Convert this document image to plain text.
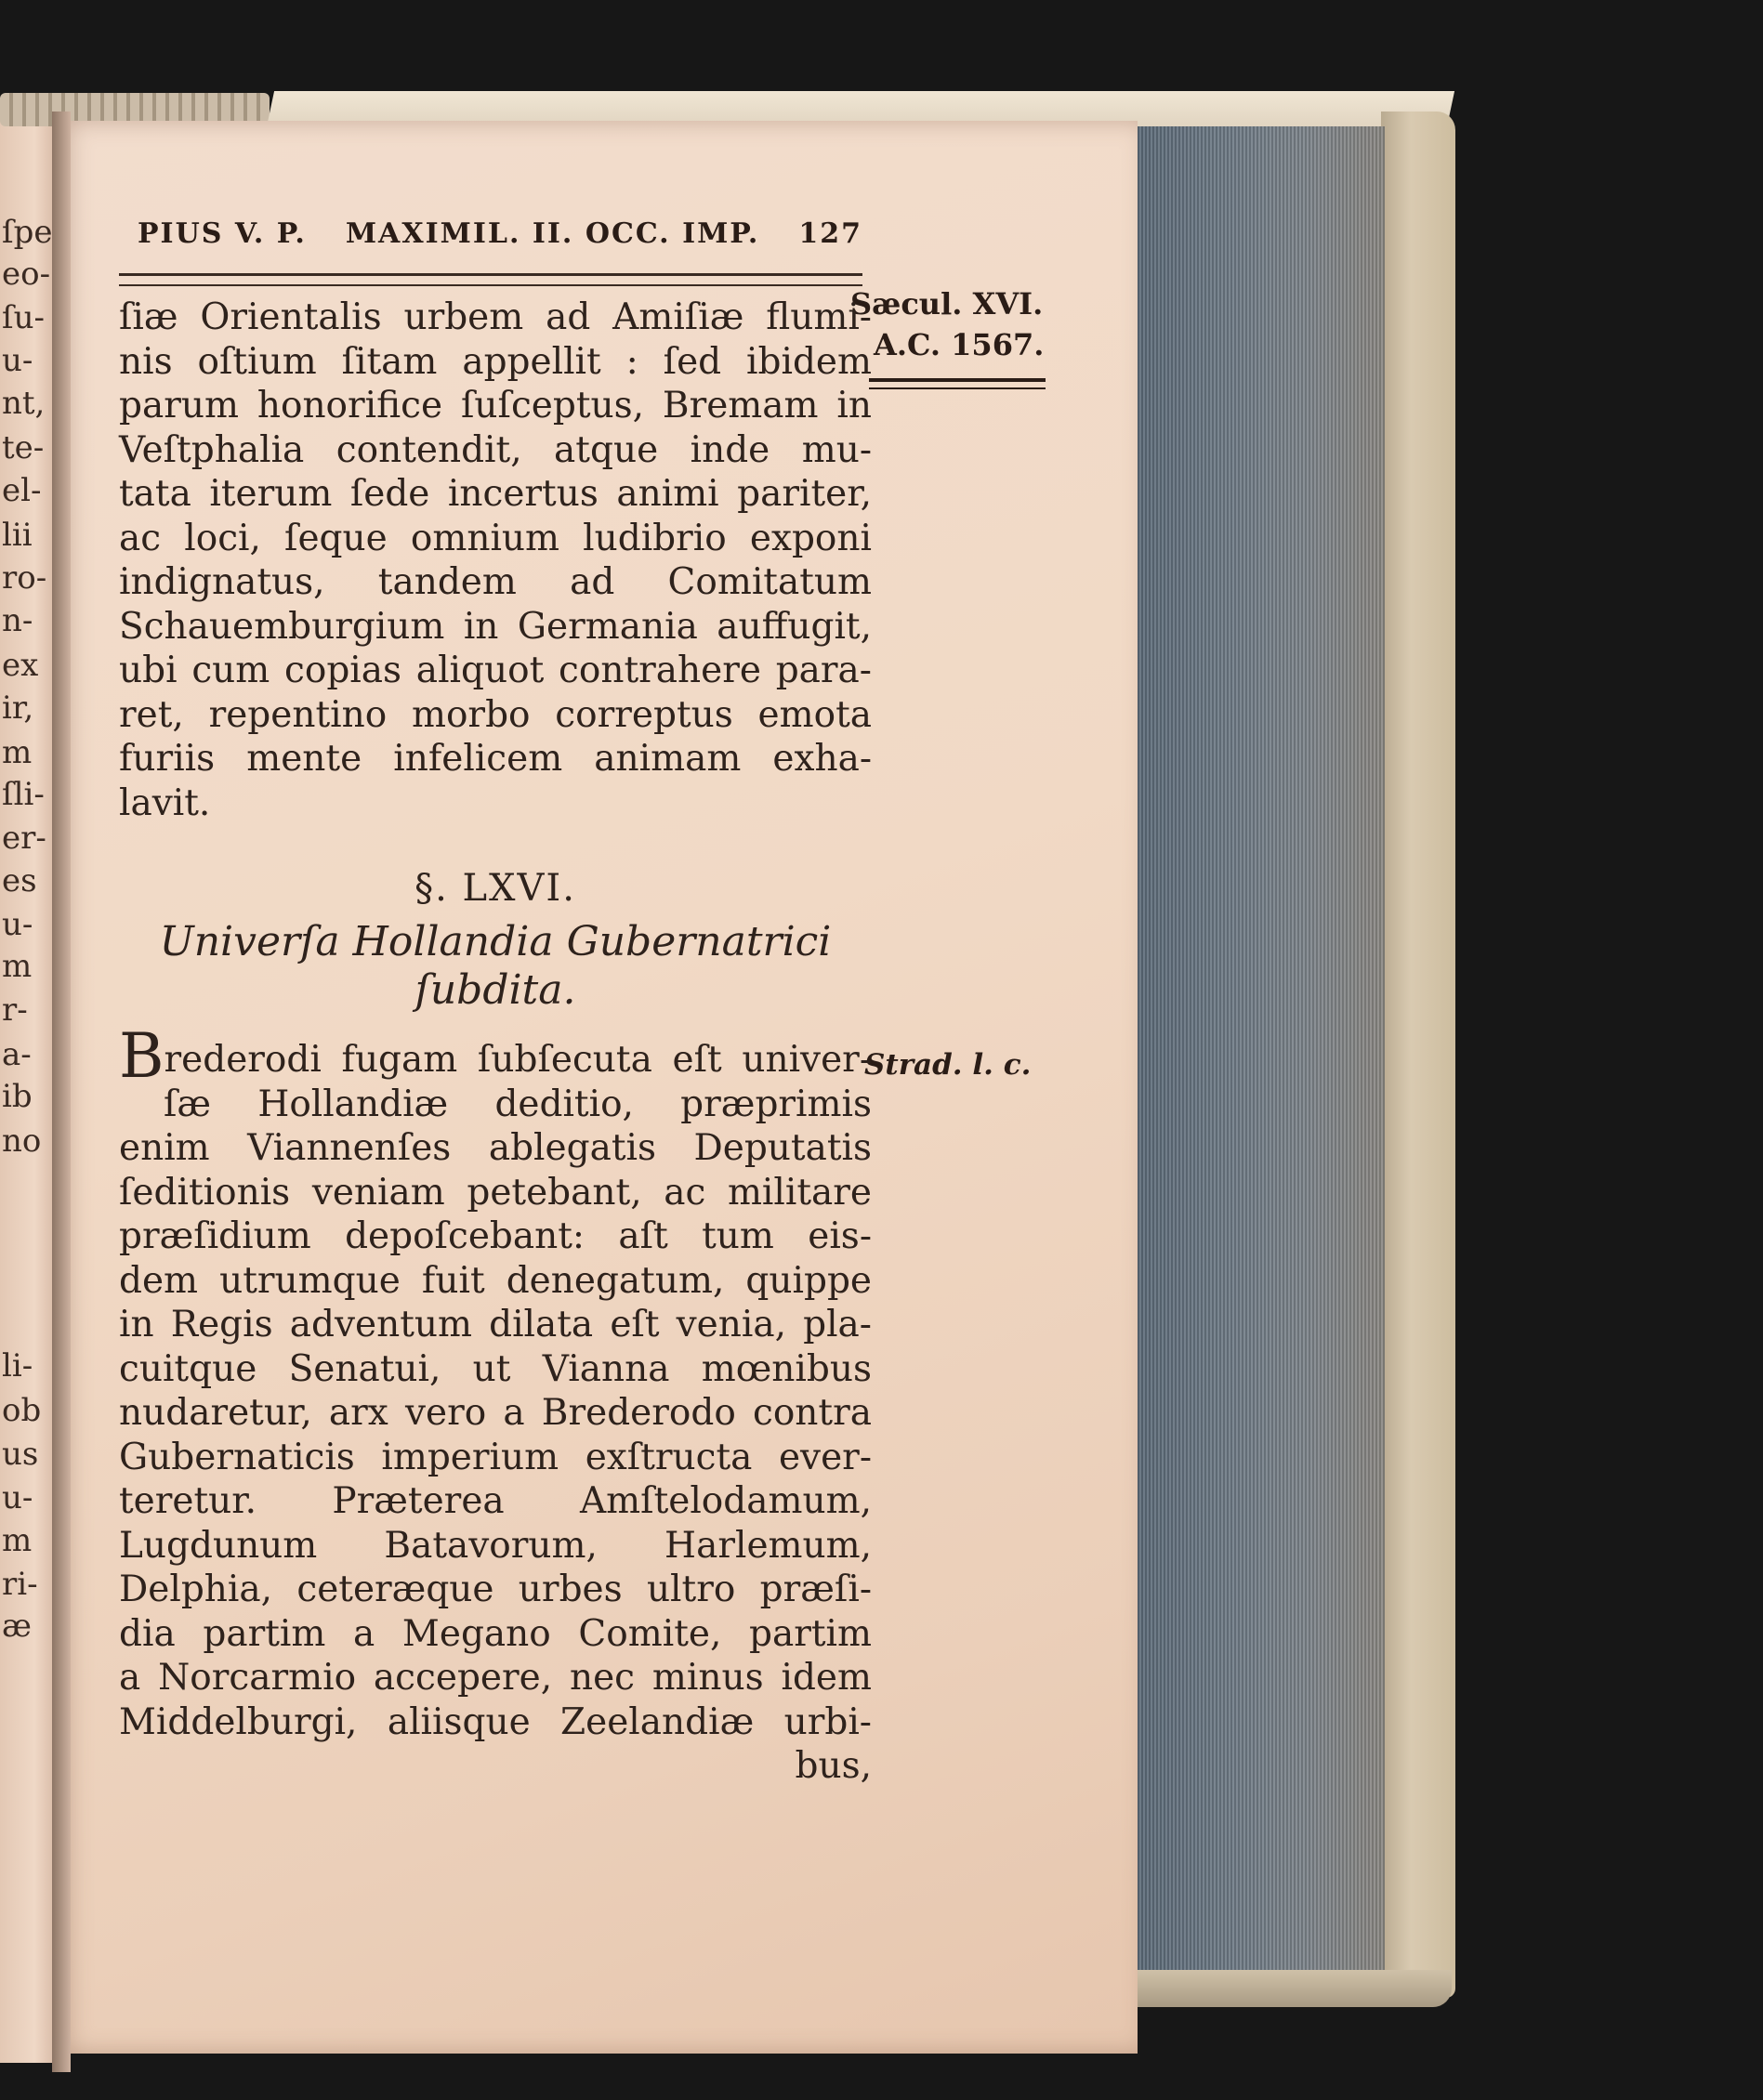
ſpe
eo-
ſu-
u-
nt,
te-
el-
lii
ro-
n-
ex
ir,
m
ſli-
er-
es
u-
m
r-
a-
ib
no
li-
ob
us
u-
m
ri-
æ
PIUS V. P. MAXIMIL. II. OCC. IMP. 127
Sæcul. XVI.
A.C. 1567.
Strad. l. c.
ſiæ Orientalis urbem ad Amiſiæ flumi-
nis oſtium ſitam appellit : ſed ibidem
parum honorifice ſuſceptus, Bremam in
Veſtphalia contendit, atque inde mu-
tata iterum ſede incertus animi pariter,
ac loci, ſeque omnium ludibrio exponi
indignatus, tandem ad Comitatum
Schauemburgium in Germania auffugit,
ubi cum copias aliquot contrahere para-
ret, repentino morbo correptus emota
furiis mente infelicem animam exha-
lavit.
§. LXVI.
Univerſa Hollandia Gubernatrici
ſubdita.
Brederodi fugam ſubſecuta eſt univer-
ſæ Hollandiæ deditio, præprimis
enim Viannenſes ablegatis Deputatis
ſeditionis veniam petebant, ac militare
præſidium depoſcebant: aſt tum eis-
dem utrumque fuit denegatum, quippe
in Regis adventum dilata eſt venia, pla-
cuitque Senatui, ut Vianna mœnibus
nudaretur, arx vero a Brederodo contra
Gubernaticis imperium exſtructa ever-
teretur. Præterea Amſtelodamum,
Lugdunum Batavorum, Harlemum,
Delphia, ceteræque urbes ultro præſi-
dia partim a Megano Comite, partim
a Norcarmio accepere, nec minus idem
Middelburgi, aliisque Zeelandiæ urbi-
bus,
